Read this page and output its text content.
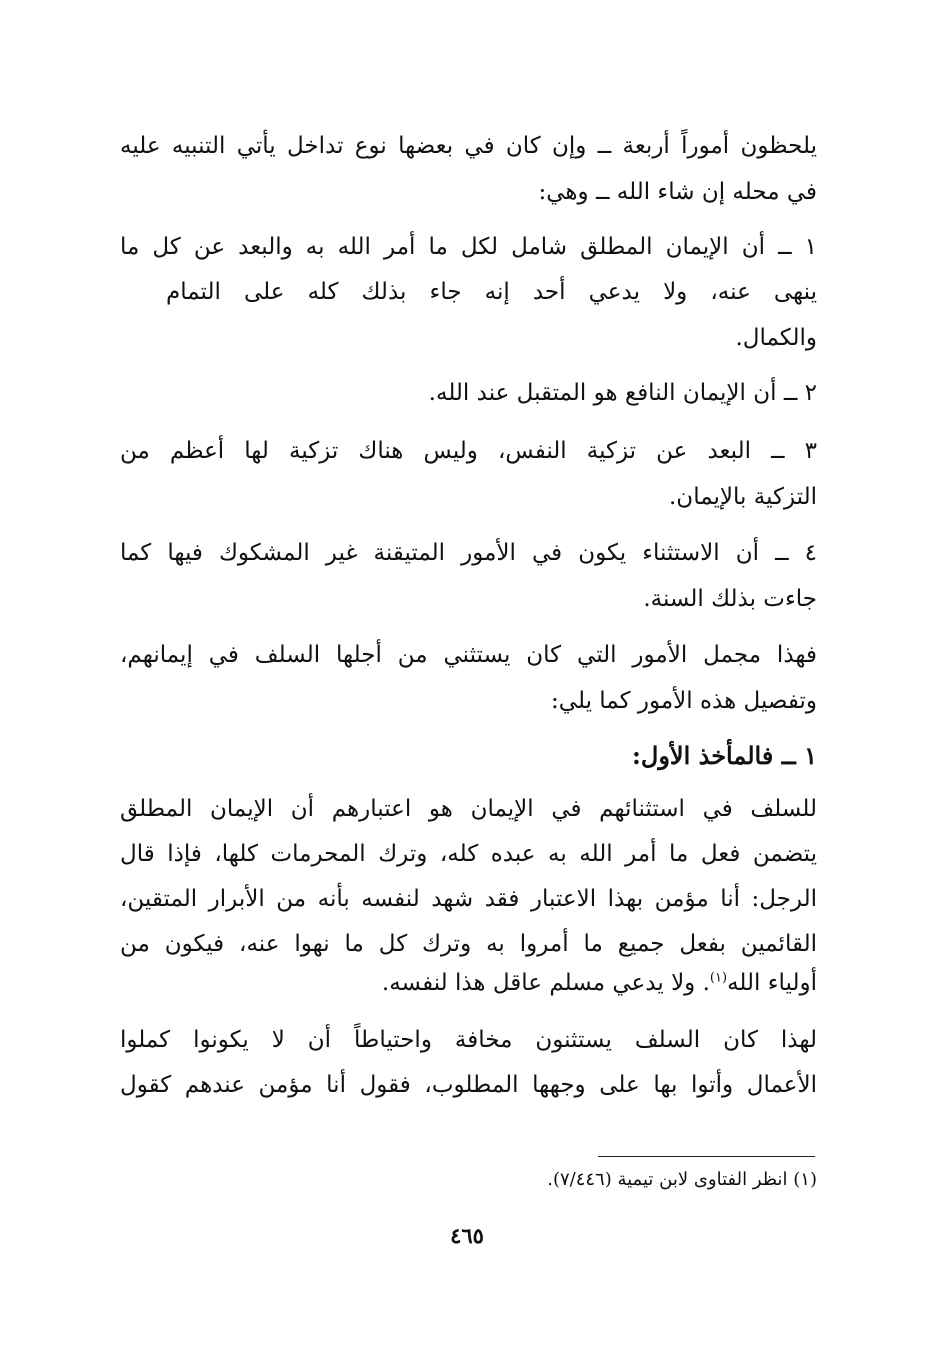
يلحظون أموراً أربعة ــ وإن كان في بعضها نوع تداخل يأتي التنبيه عليه
في محله إن شاء الله ــ وهي:
١ ــ أن الإيمان المطلق شامل لكل ما أمر الله به والبعد عن كل ما
ينهى عنه، ولا يدعي أحد إنه جاء بذلك كله على التمام
والكمال.
٢ ــ أن الإيمان النافع هو المتقبل عند الله.
٣ ــ البعد عن تزكية النفس، وليس هناك تزكية لها أعظم من
التزكية بالإيمان.
٤ ــ أن الاستثناء يكون في الأمور المتيقنة غير المشكوك فيها كما
جاءت بذلك السنة.
فهذا مجمل الأمور التي كان يستثني من أجلها السلف في إيمانهم،
وتفصيل هذه الأمور كما يلي:
١ ــ فالمأخذ الأول:
للسلف في استثنائهم في الإيمان هو اعتبارهم أن الإيمان المطلق
يتضمن فعل ما أمر الله به عبده كله، وترك المحرمات كلها، فإذا قال
الرجل: أنا مؤمن بهذا الاعتبار فقد شهد لنفسه بأنه من الأبرار المتقين،
القائمين بفعل جميع ما أمروا به وترك كل ما نهوا عنه، فيكون من
أولياء الله$^{(١)}$. ولا يدعي مسلم عاقل هذا لنفسه.
لهذا كان السلف يستثنون مخافة واحتياطاً أن لا يكونوا كملوا
الأعمال وأتوا بها على وجهها المطلوب، فقول أنا مؤمن عندهم كقول
(١) انظر الفتاوى لابن تيمية (٧/٤٤٦).
٤٦٥
